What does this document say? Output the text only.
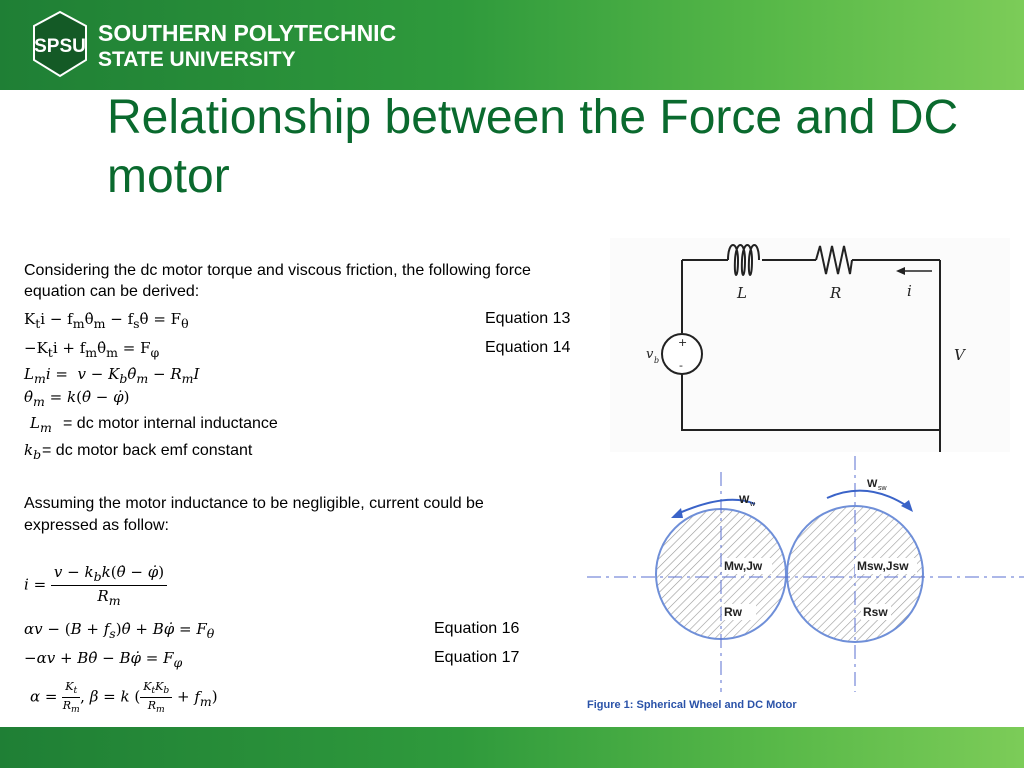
SPSU
SOUTHERN POLYTECHNIC
STATE UNIVERSITY
Relationship between the Force and DC motor
Considering the dc motor torque and viscous friction, the following force
equation can be derived:
$K_ti$ − $f_m\thetȧ_m$ − $f_s\thetȧ = F_\theta$	Equation 13
$-K_ti$ + $f_m\thetȧ_m = F_\varphi$	Equation 14
$L_mi = v$ − $K_b\thetȧ_m - R_mI$
$\thetȧ_m$ = k(θ̇ − φ̇)
$L_m$ = dc motor internal inductance
$k_b$ = dc motor back emf constant
Assuming the motor inductance to be negligible, current could be
expressed as follow:
$i = \frac{v - k_bk(\thetȧ - \varphi̇)}{R_m}$
$\alpha v - (B + f_s)\thetȧ$ + Bφ̇ = $F_\theta$	Equation 16
−αv + Bθ̇ − Bφ̇ = $F_\varphi$	Equation 17
$\alpha = \frac{K_t}{R_m}$ , β = k ( $\frac{K_tK_b}{R_m} + f_m$)
+
-
L	R	i
v b	V
W w
W sw
Mw,Jw	Msw,Jsw
Rw	Rsw
Figure 1: Spherical Wheel and DC Motor
